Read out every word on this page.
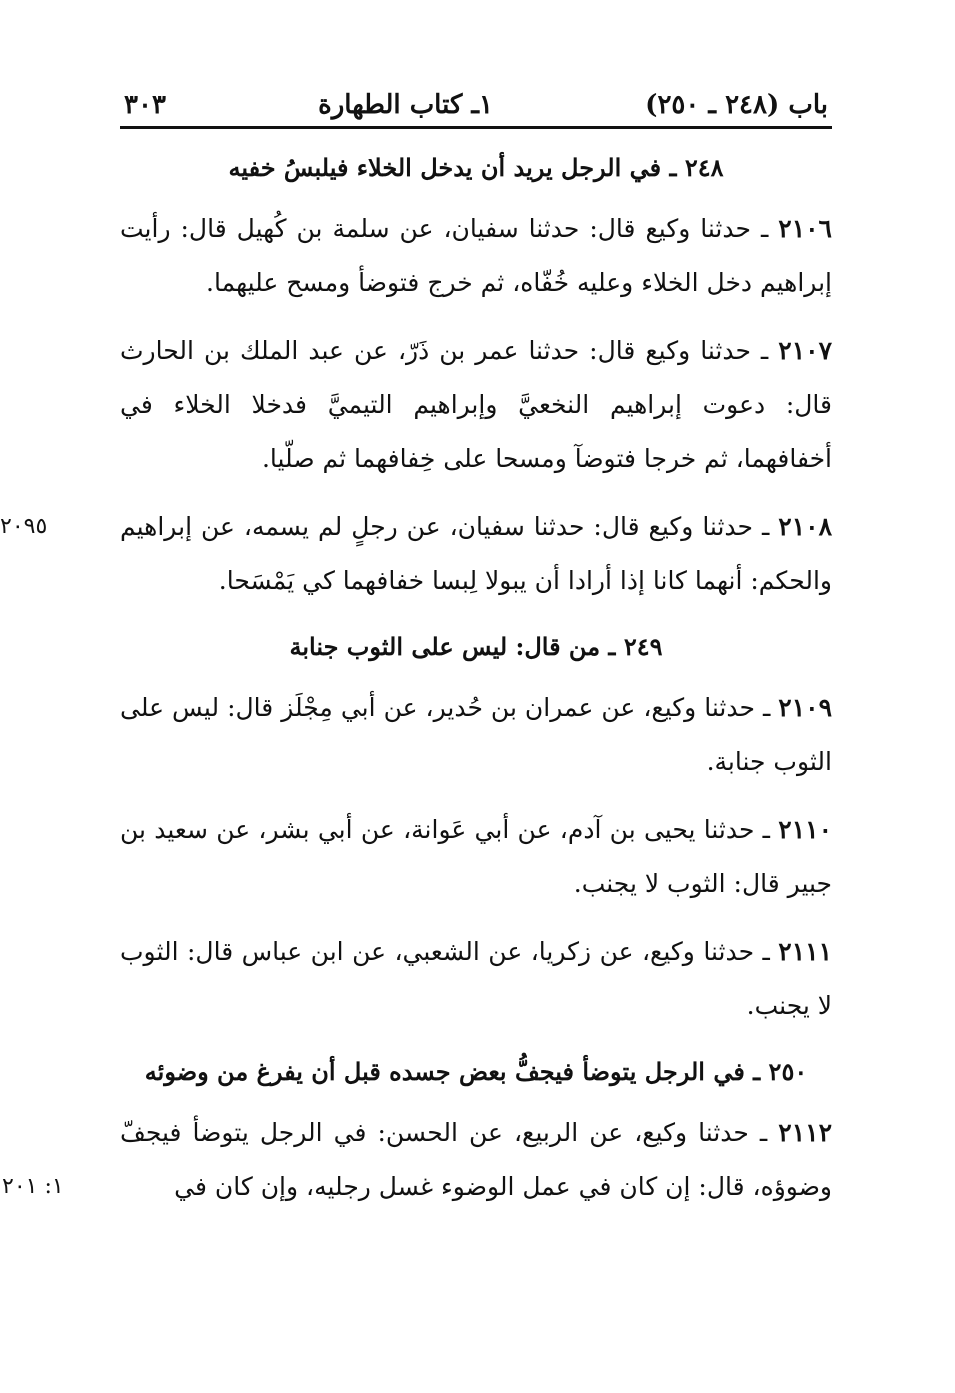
باب (٢٤٨ ـ ٢٥٠)
١ـ كتاب الطهارة
٣٠٣
٢٤٨ ـ في الرجل يريد أن يدخل الخلاء فيلبسُ خفيه

٢١٠٦ ـ حدثنا وكيع قال: حدثنا سفيان، عن سلمة بن كُهيل قال: رأيت إبراهيم دخل الخلاء وعليه خُفّاه، ثم خرج فتوضأ ومسح عليهما.

٢١٠٧ ـ حدثنا وكيع قال: حدثنا عمر بن ذَرّ، عن عبد الملك بن الحارث قال: دعوت إبراهيم النخعيَّ وإبراهيم التيميَّ فدخلا الخلاء في أخفافهما، ثم خرجا فتوضآ ومسحا على خِفافهما ثم صلّيا.

٢٠٩٥	٢١٠٨ ـ حدثنا وكيع قال: حدثنا سفيان، عن رجلٍ لم يسمه، عن إبراهيم والحكم: أنهما كانا إذا أرادا أن يبولا لِبسا خفافهما كي يَمْسَحا.

٢٤٩ ـ من قال: ليس على الثوب جنابة

٢١٠٩ ـ حدثنا وكيع، عن عمران بن حُدير، عن أبي مِجْلَز قال: ليس على الثوب جنابة.

٢١١٠ ـ حدثنا يحيى بن آدم، عن أبي عَوانة، عن أبي بشر، عن سعيد بن جبير قال: الثوب لا يجنب.

٢١١١ ـ حدثنا وكيع، عن زكريا، عن الشعبي، عن ابن عباس قال: الثوب لا يجنب.

٢٥٠ ـ في الرجل يتوضأ فيجفُّ بعض جسده قبل أن يفرغ من وضوئه

١: ٢٠١
٢١١٢ ـ حدثنا وكيع، عن الربيع، عن الحسن: في الرجل يتوضأ فيجفّ وضوؤه، قال: إن كان في عمل الوضوء غسل رجليه، وإن كان في
